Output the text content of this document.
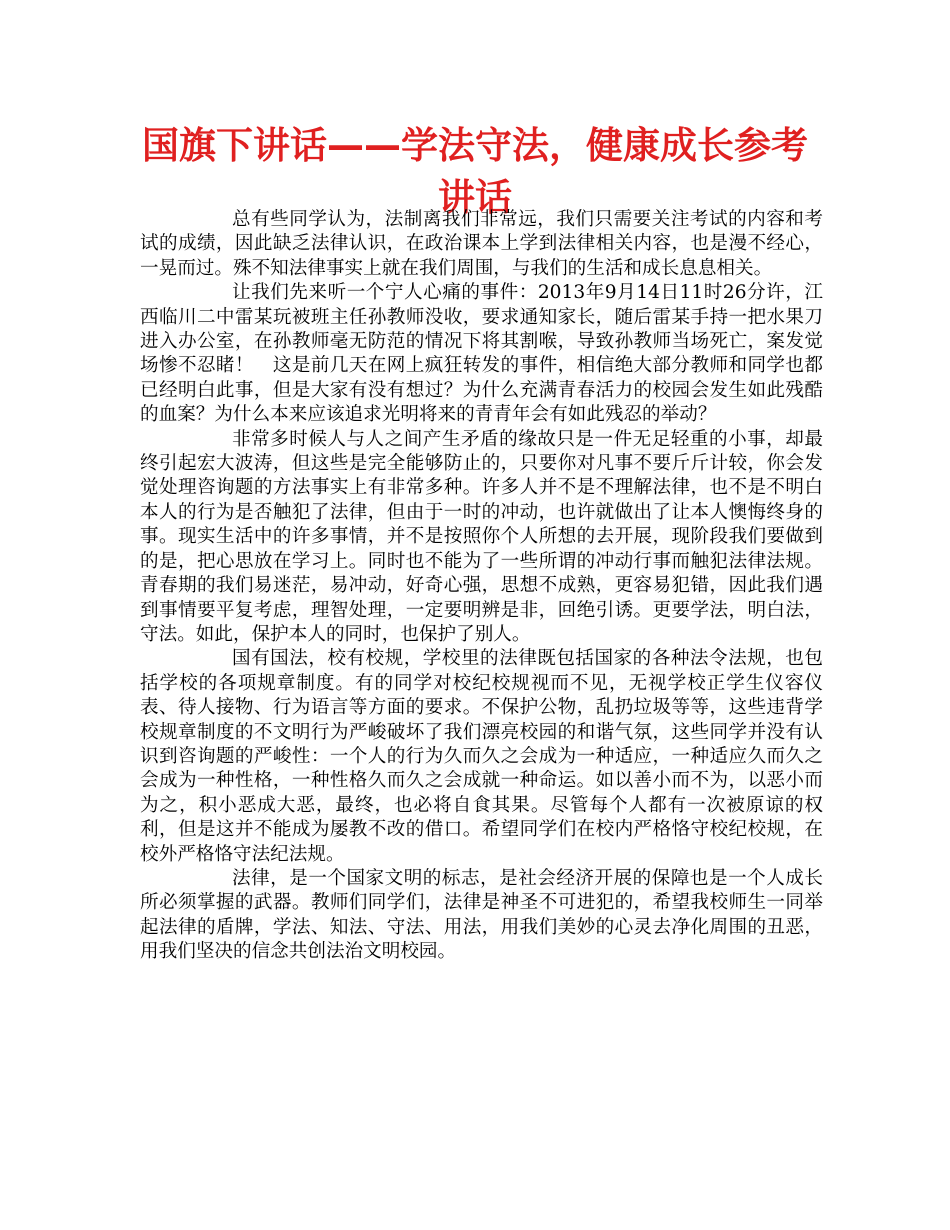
国旗下讲话——学法守法，健康成长参考讲话

总有些同学认为，法制离我们非常远，我们只需要关注考试的内容和考试的成绩，因此缺乏法律认识，在政治课本上学到法律相关内容，也是漫不经心，一晃而过。殊不知法律事实上就在我们周围，与我们的生活和成长息息相关。

让我们先来听一个宁人心痛的事件：2013年9月14日11时26分许，江西临川二中雷某玩被班主任孙教师没收，要求通知家长，随后雷某手持一把水果刀进入办公室，在孙教师毫无防范的情况下将其割喉，导致孙教师当场死亡，案发觉场惨不忍睹！　这是前几天在网上疯狂转发的事件，相信绝大部分教师和同学也都已经明白此事，但是大家有没有想过？为什么充满青春活力的校园会发生如此残酷的血案？为什么本来应该追求光明将来的青青年会有如此残忍的举动？

非常多时候人与人之间产生矛盾的缘故只是一件无足轻重的小事，却最终引起宏大波涛，但这些是完全能够防止的，只要你对凡事不要斤斤计较，你会发觉处理咨询题的方法事实上有非常多种。许多人并不是不理解法律，也不是不明白本人的行为是否触犯了法律，但由于一时的冲动，也许就做出了让本人懊悔终身的事。现实生活中的许多事情，并不是按照你个人所想的去开展，现阶段我们要做到的是，把心思放在学习上。同时也不能为了一些所谓的冲动行事而触犯法律法规。青春期的我们易迷茫，易冲动，好奇心强，思想不成熟，更容易犯错，因此我们遇到事情要平复考虑，理智处理，一定要明辨是非，回绝引诱。更要学法，明白法，守法。如此，保护本人的同时，也保护了别人。

国有国法，校有校规，学校里的法律既包括国家的各种法令法规，也包括学校的各项规章制度。有的同学对校纪校规视而不见，无视学校正学生仪容仪表、待人接物、行为语言等方面的要求。不保护公物，乱扔垃圾等等，这些违背学校规章制度的不文明行为严峻破坏了我们漂亮校园的和谐气氛，这些同学并没有认识到咨询题的严峻性：一个人的行为久而久之会成为一种适应，一种适应久而久之会成为一种性格，一种性格久而久之会成就一种命运。如以善小而不为，以恶小而为之，积小恶成大恶，最终，也必将自食其果。尽管每个人都有一次被原谅的权利，但是这并不能成为屡教不改的借口。希望同学们在校内严格恪守校纪校规，在校外严格恪守法纪法规。

法律，是一个国家文明的标志，是社会经济开展的保障也是一个人成长所必须掌握的武器。教师们同学们，法律是神圣不可进犯的，希望我校师生一同举起法律的盾牌，学法、知法、守法、用法，用我们美妙的心灵去净化周围的丑恶，用我们坚决的信念共创法治文明校园。
